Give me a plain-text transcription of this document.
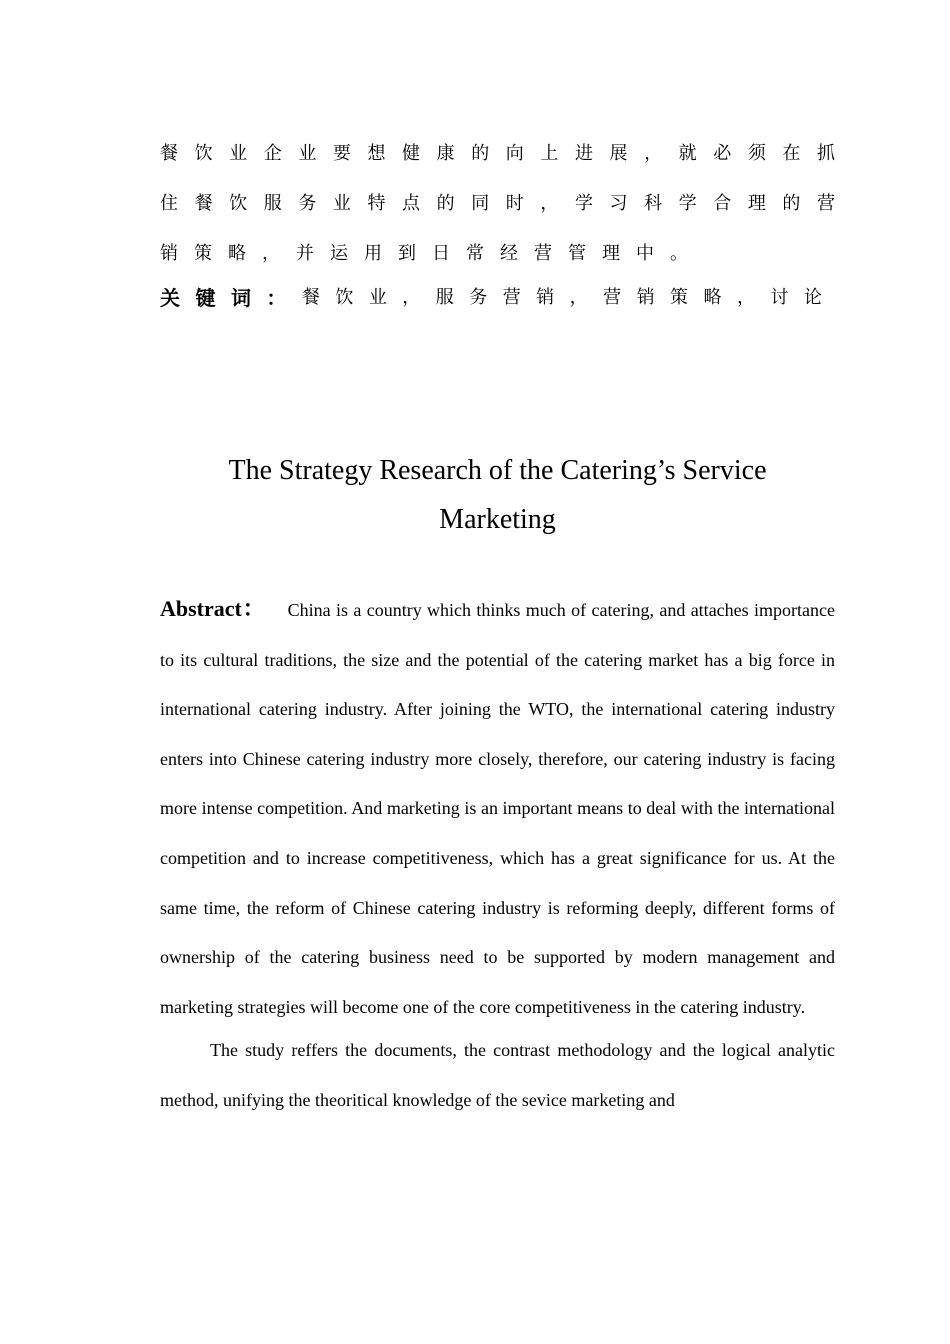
餐 饮 业 企 业 要 想 健 康 的 向 上 进 展 ， 就 必 须 在 抓
住 餐 饮 服 务 业 特 点 的 同 时 ， 学 习 科 学 合 理 的 营
销 策 略 ， 并 运 用 到 日 常 经 营 管 理 中 。
关 键 词 ： 餐 饮 业 ， 服 务 营 销 ， 营 销 策 略 ， 讨 论
The Strategy Research of the Catering’s Service
Marketing
Abstract： China is a country which thinks much of catering, and attaches importance to its cultural traditions, the size and the potential of the catering market has a big force in international catering industry. After joining the WTO, the international catering industry enters into Chinese catering industry more closely, therefore, our catering industry is facing more intense competition. And marketing is an important means to deal with the international competition and to increase competitiveness, which has a great significance for us. At the same time, the reform of Chinese catering industry is reforming deeply, different forms of ownership of the catering business need to be supported by modern management and marketing strategies will become one of the core competitiveness in the catering industry.
The study reffers the documents, the contrast methodology and the logical analytic method, unifying the theoritical knowledge of the sevice marketing and
